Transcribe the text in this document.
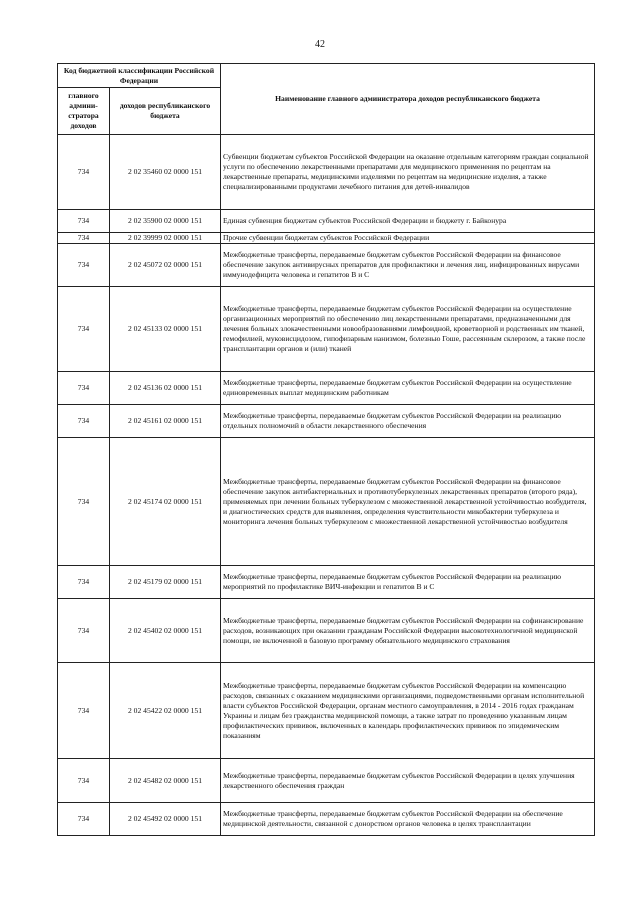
42
Код бюджетной классификации Российской Федерации		Наименование главного администратора доходов республиканского бюджета
главного админи-стратора доходов	доходов республиканского бюджета	
734	2 02 35460 02 0000 151	Субвенции бюджетам субъектов Российской Федерации на оказание отдельным категориям граждан социальной услуги по обеспечению лекарственными препаратами для медицинского применения по рецептам на лекарственные препараты, медицинскими изделиями по рецептам на медицинские изделия, а также специализированными продуктами лечебного питания для детей-инвалидов
734	2 02 35900 02 0000 151	Единая субвенция бюджетам субъектов Российской Федерации и бюджету г. Байконура
734	2 02 39999 02 0000 151	Прочие субвенции бюджетам субъектов Российской Федерации
734	2 02 45072 02 0000 151	Межбюджетные трансферты, передаваемые бюджетам субъектов Российской Федерации на финансовое обеспечение закупок антивирусных препаратов для профилактики и лечения лиц, инфицированных вирусами иммунодефицита человека и гепатитов В и С
734	2 02 45133 02 0000 151	Межбюджетные трансферты, передаваемые бюджетам субъектов Российской Федерации на осуществление организационных мероприятий по обеспечению лиц лекарственными препаратами, предназначенными для лечения больных злокачественными новообразованиями лимфоидной, кроветворной и родственных им тканей, гемофилией, муковисцидозом, гипофизарным нанизмом, болезнью Гоше, рассеянным склерозом, а также после трансплантации органов и (или) тканей
734	2 02 45136 02 0000 151	Межбюджетные трансферты, передаваемые бюджетам субъектов Российской Федерации на осуществление единовременных выплат медицинским работникам
734	2 02 45161 02 0000 151	Межбюджетные трансферты, передаваемые бюджетам субъектов Российской Федерации на реализацию отдельных полномочий в области лекарственного обеспечения
734	2 02 45174 02 0000 151	Межбюджетные трансферты, передаваемые бюджетам субъектов Российской Федерации на финансовое обеспечение закупок антибактериальных и противотуберкулезных лекарственных препаратов (второго ряда), применяемых при лечении больных туберкулезом с множественной лекарственной устойчивостью возбудителя, и диагностических средств для выявления, определения чувствительности микобактерии туберкулеза и мониторинга лечения больных туберкулезом с множественной лекарственной устойчивостью возбудителя
734	2 02 45179 02 0000 151	Межбюджетные трансферты, передаваемые бюджетам субъектов Российской Федерации на реализацию мероприятий по профилактике ВИЧ-инфекции и гепатитов В и С
734	2 02 45402 02 0000 151	Межбюджетные трансферты, передаваемые бюджетам субъектов Российской Федерации на софинансирование расходов, возникающих при оказании гражданам Российской Федерации высокотехнологичной медицинской помощи, не включенной в базовую программу обязательного медицинского страхования
734	2 02 45422 02 0000 151	Межбюджетные трансферты, передаваемые бюджетам субъектов Российской Федерации на компенсацию расходов, связанных с оказанием медицинскими организациями, подведомственными органам исполнительной власти субъектов Российской Федерации, органам местного самоуправления, в 2014 - 2016 годах гражданам Украины и лицам без гражданства медицинской помощи, а также затрат по проведению указанным лицам профилактических прививок, включенных в календарь профилактических прививок по эпидемическим показаниям
734	2 02 45482 02 0000 151	Межбюджетные трансферты, передаваемые бюджетам субъектов Российской Федерации в целях улучшения лекарственного обеспечения граждан
734	2 02 45492 02 0000 151	Межбюджетные трансферты, передаваемые бюджетам субъектов Российской Федерации на обеспечение медицинской деятельности, связанной с донорством органов человека в целях трансплантации
